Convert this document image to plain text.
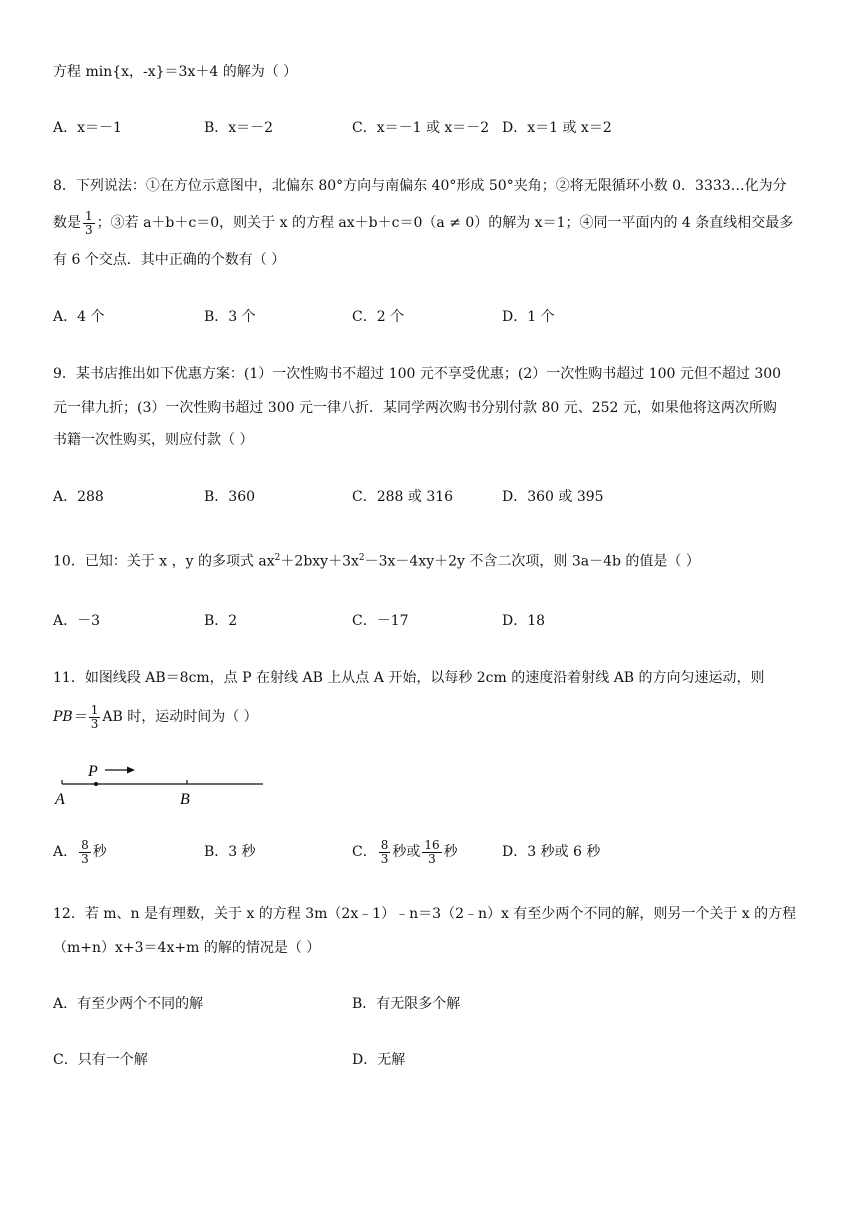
方程 min{x，-x}＝3x＋4 的解为（ ）
A．x＝－1	B．x＝－2	C．x＝－1 或 x＝－2 D．x＝1 或 x＝2
8．下列说法：①在方位示意图中，北偏东 80°方向与南偏东 40°形成 50°夹角；②将无限循环小数 0．3333…化为分
数是 $\frac{1}{3}$ ；③若 a＋b＋c＝0，则关于 x 的方程 ax＋b＋c＝0（a ≠ 0）的解为 x＝1；④同一平面内的 4 条直线相交最多
有 6 个交点．其中正确的个数有（ ）
A．4 个	B．3 个	C．2 个	D．1 个
9．某书店推出如下优惠方案：(1）一次性购书不超过 100 元不享受优惠；(2）一次性购书超过 100 元但不超过 300
元一律九折；(3）一次性购书超过 300 元一律八折．某同学两次购书分别付款 80 元、252 元，如果他将这两次所购
书籍一次性购买，则应付款（ ）
A．288	B．360	C．288 或 316	D．360 或 395
10．已知：关于 x ，y 的多项式 $ax^2+2bxy+3x^2-3x-4xy+2y$ 不含二次项，则 3a－4b 的值是（ ）
A．－3	B．2	C．－17	D．18
11．如图线段 AB＝8cm，点 P 在射线 AB 上从点 A 开始，以每秒 2cm 的速度沿着射线 AB 的方向匀速运动，则
$PB= \frac{1}{3}$ AB 时，运动时间为（ ）
P
A	B
A． $\frac{8}{3}$ 秒	B．3 秒	C． $\frac{8}{3}$ 秒或 $\frac{16}{3}$ 秒	D．3 秒或 6 秒
12．若 m、n 是有理数，关于 x 的方程 3m（2x﹣1）﹣n＝3（2﹣n）x 有至少两个不同的解，则另一个关于 x 的方程
（m+n）x+3＝4x+m 的解的情况是（ ）
A．有至少两个不同的解	B．有无限多个解
C．只有一个解	D．无解
